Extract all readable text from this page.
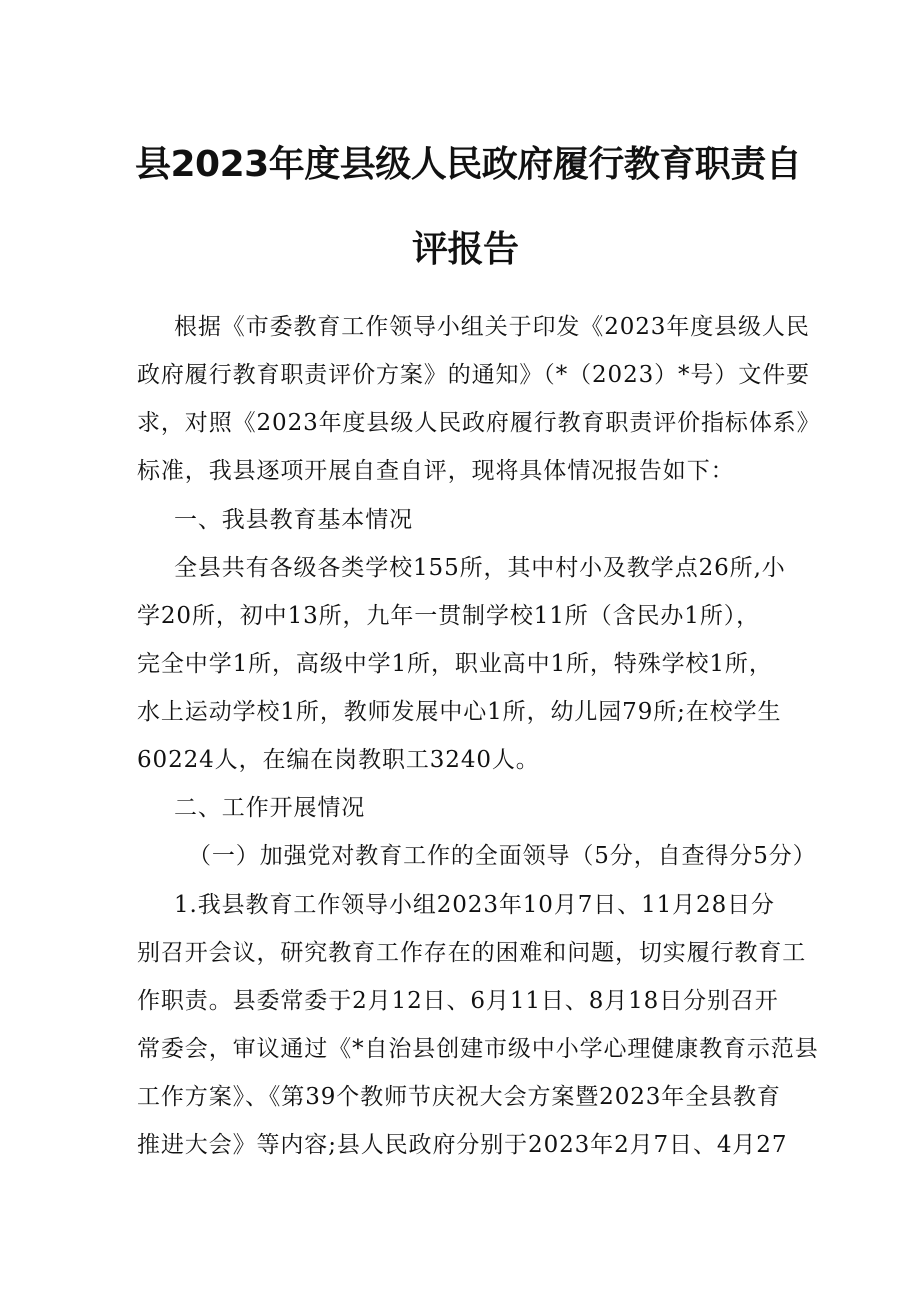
县2023年度县级人民政府履行教育职责自
评报告
根据《市委教育工作领导小组关于印发《2023年度县级人民
政府履行教育职责评价方案》的通知》（*（2023）*号）文件要
求，对照《2023年度县级人民政府履行教育职责评价指标体系》
标准，我县逐项开展自查自评，现将具体情况报告如下：
一、我县教育基本情况
全县共有各级各类学校155所，其中村小及教学点26所,小
学20所，初中13所，九年一贯制学校11所（含民办1所），
完全中学1所，高级中学1所，职业高中1所，特殊学校1所，
水上运动学校1所，教师发展中心1所，幼儿园79所;在校学生
60224人，在编在岗教职工3240人。
二、工作开展情况
（一）加强党对教育工作的全面领导（5分，自查得分5分）
1.我县教育工作领导小组2023年10月7日、11月28日分
别召开会议，研究教育工作存在的困难和问题，切实履行教育工
作职责。县委常委于2月12日、6月11日、8月18日分别召开
常委会，审议通过《*自治县创建市级中小学心理健康教育示范县
工作方案》、《第39个教师节庆祝大会方案暨2023年全县教育
推进大会》等内容;县人民政府分别于2023年2月7日、4月27
